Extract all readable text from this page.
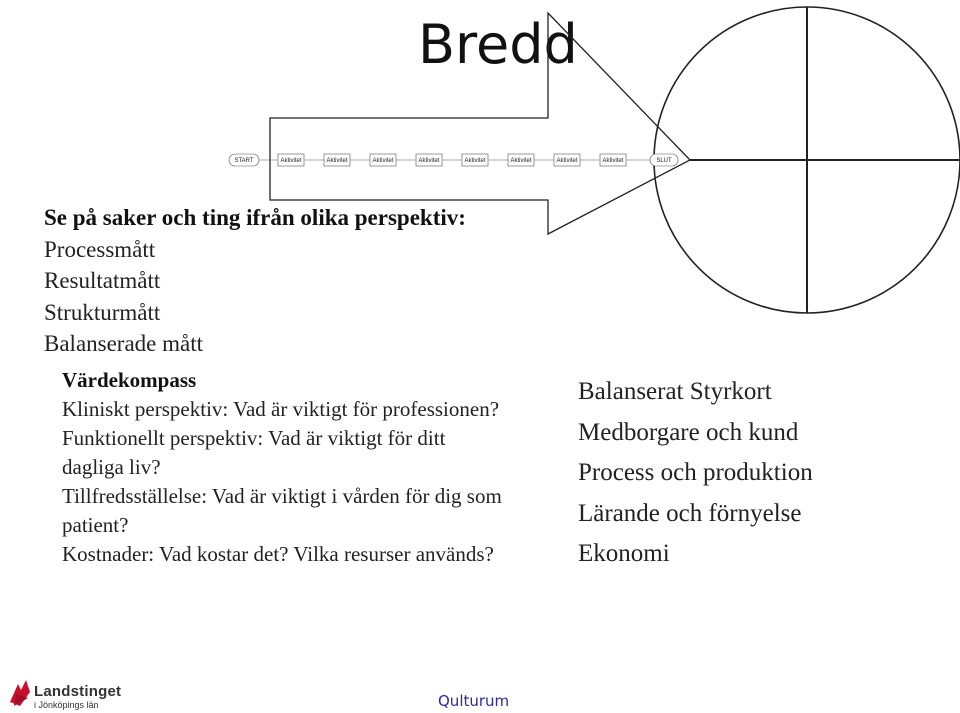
Bredd
START	Aktivitet	Aktivitet	Aktivitet	Aktivitet	Aktivitet	Aktivitet	Aktivitet	Aktivitet	SLUT
Se på saker och ting ifrån olika perspektiv:
Processmått
Resultatmått
Strukturmått
Balanserade mått
Värdekompass
Kliniskt perspektiv: Vad är viktigt för professionen?
Funktionellt perspektiv: Vad är viktigt för ditt dagliga liv?
Tillfredsställelse: Vad är viktigt i vården för dig som patient?
Kostnader: Vad kostar det? Vilka resurser används?
Balanserat Styrkort
Medborgare och kund
Process och produktion
Lärande och förnyelse
Ekonomi
Landstinget
i Jönköpings län	Qulturum
